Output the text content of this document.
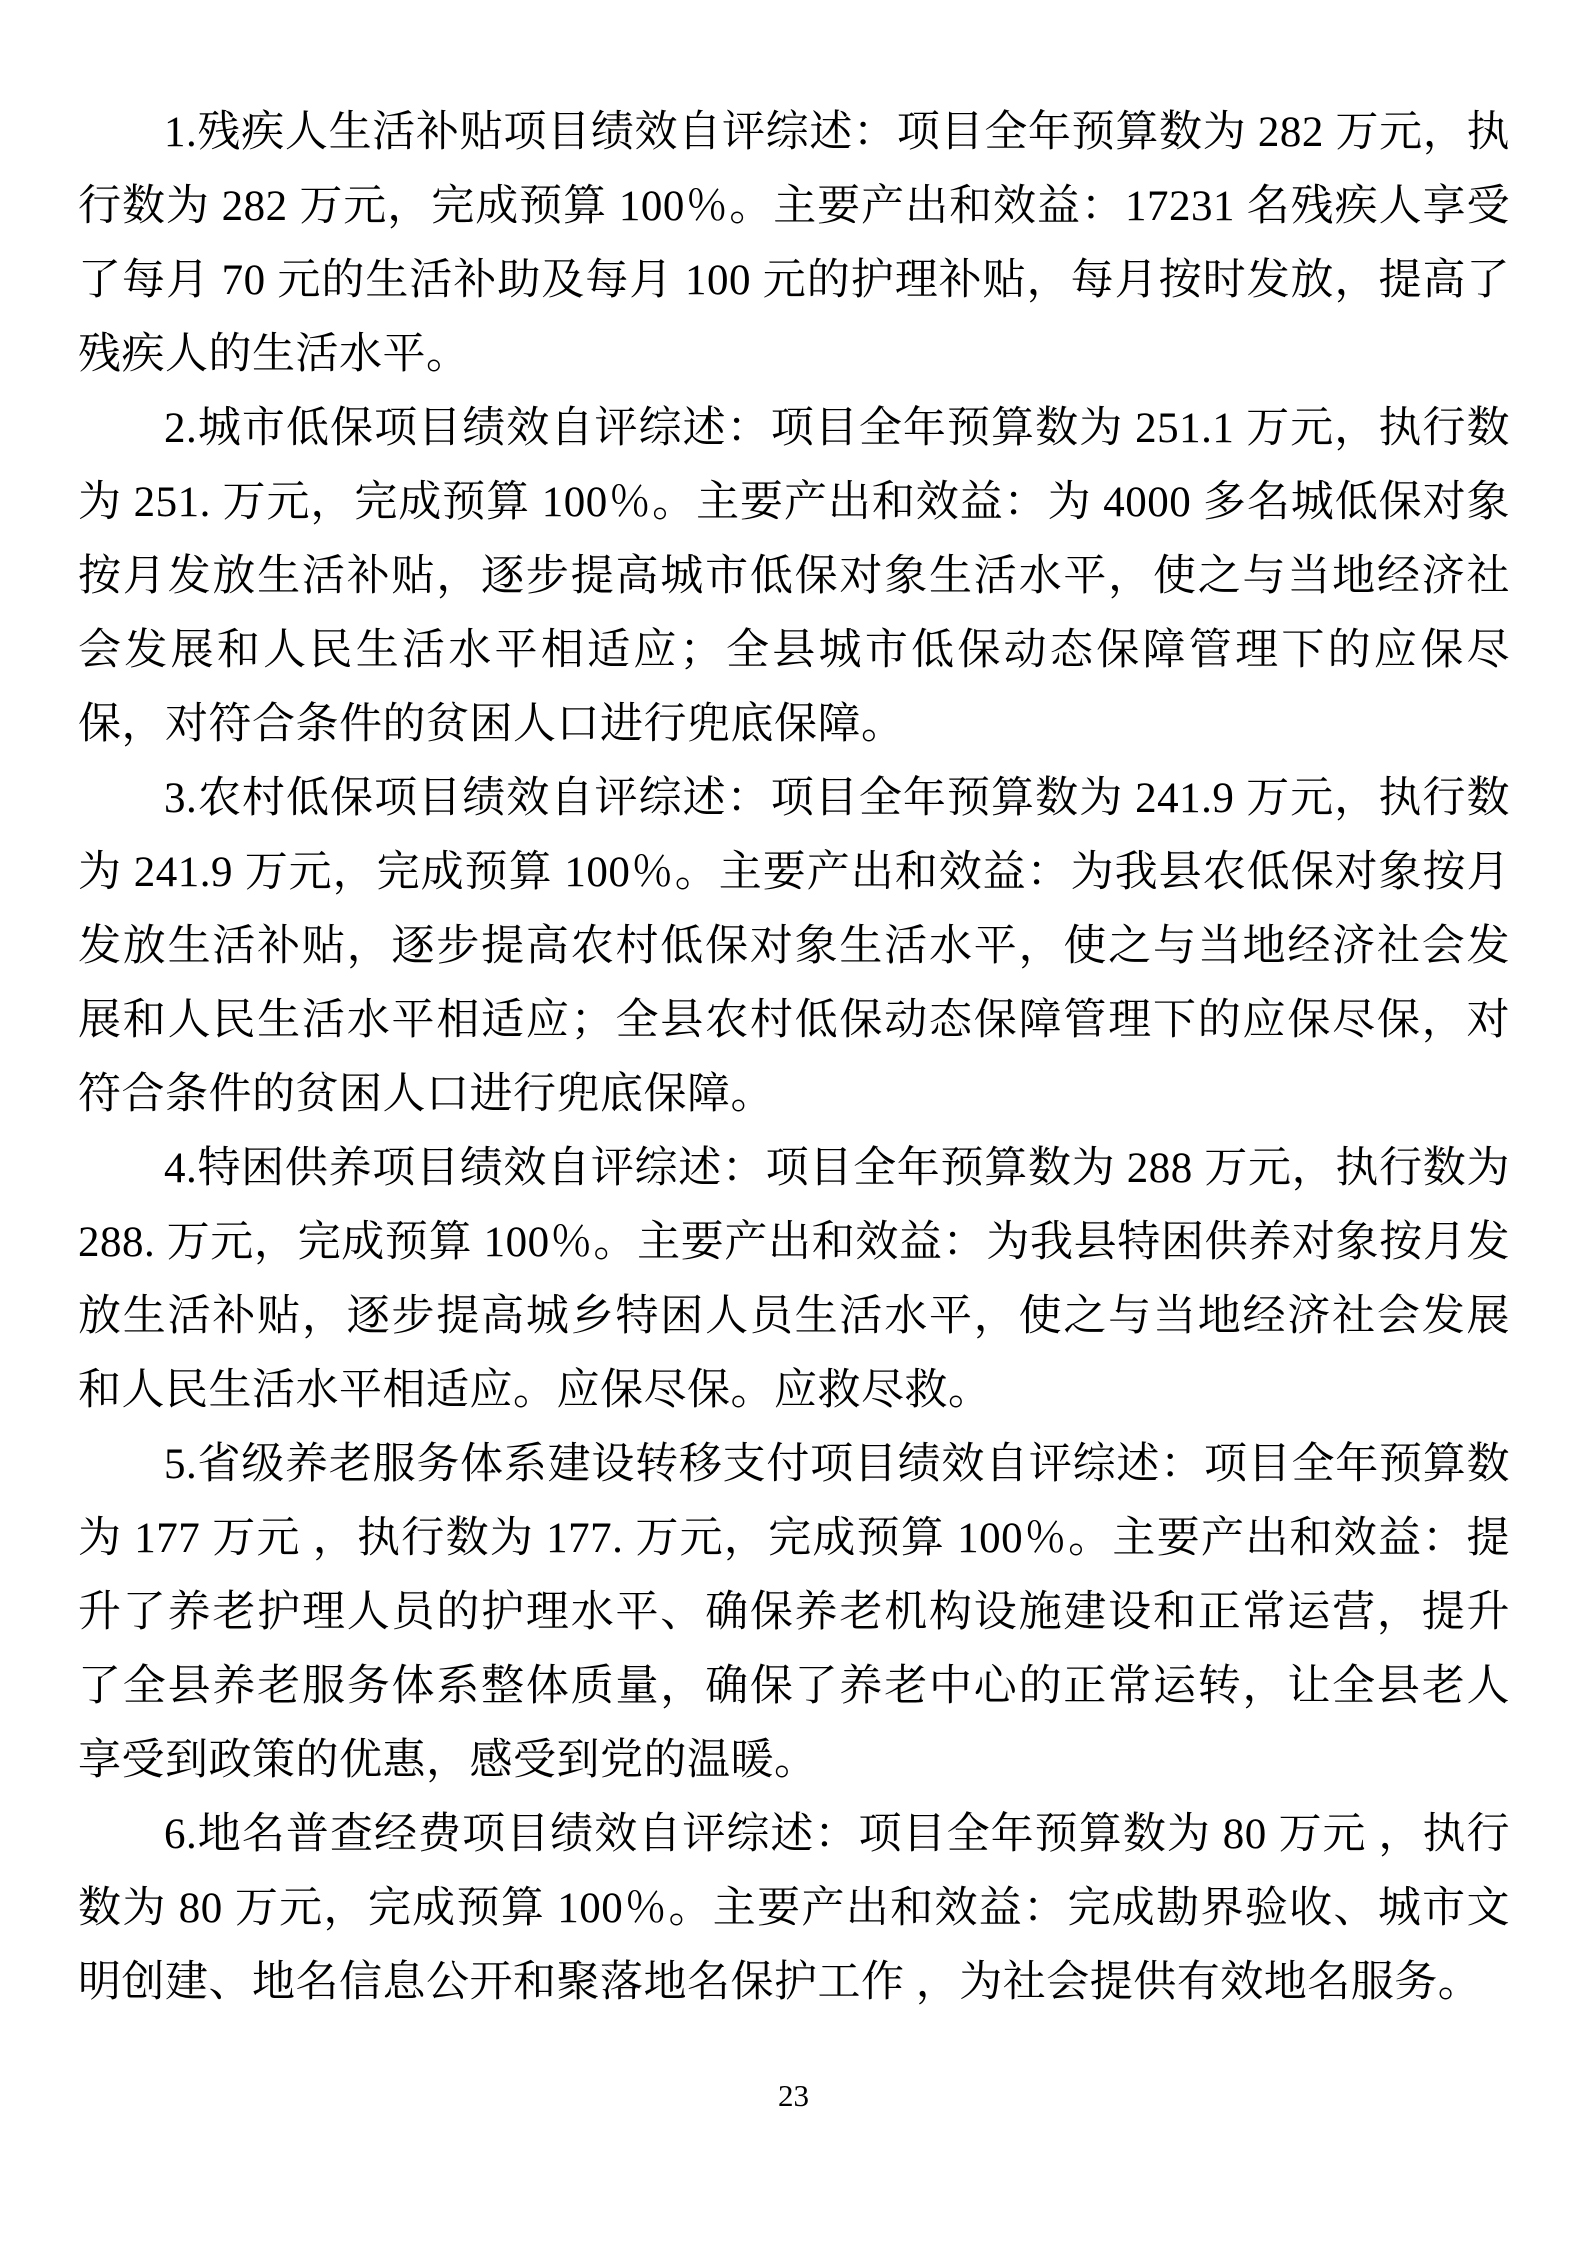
1.残疾人生活补贴项目绩效自评综述：项目全年预算数为 282 万元，执行数为 282 万元，完成预算 100％。主要产出和效益：17231 名残疾人享受了每月 70 元的生活补助及每月 100 元的护理补贴，每月按时发放，提高了残疾人的生活水平。

2.城市低保项目绩效自评综述：项目全年预算数为 251.1 万元，执行数为 251. 万元，完成预算 100％。主要产出和效益：为 4000 多名城低保对象按月发放生活补贴，逐步提高城市低保对象生活水平，使之与当地经济社会发展和人民生活水平相适应；全县城市低保动态保障管理下的应保尽保，对符合条件的贫困人口进行兜底保障。

3.农村低保项目绩效自评综述：项目全年预算数为 241.9 万元，执行数为 241.9 万元，完成预算 100％。主要产出和效益：为我县农低保对象按月发放生活补贴，逐步提高农村低保对象生活水平，使之与当地经济社会发展和人民生活水平相适应；全县农村低保动态保障管理下的应保尽保，对符合条件的贫困人口进行兜底保障。

4.特困供养项目绩效自评综述：项目全年预算数为 288 万元，执行数为 288. 万元，完成预算 100％。主要产出和效益：为我县特困供养对象按月发放生活补贴，逐步提高城乡特困人员生活水平，使之与当地经济社会发展和人民生活水平相适应。应保尽保。应救尽救。

5.省级养老服务体系建设转移支付项目绩效自评综述：项目全年预算数为 177 万元 ，执行数为 177. 万元，完成预算 100％。主要产出和效益：提升了养老护理人员的护理水平、确保养老机构设施建设和正常运营，提升了全县养老服务体系整体质量，确保了养老中心的正常运转，让全县老人享受到政策的优惠，感受到党的温暖。

6.地名普查经费项目绩效自评综述：项目全年预算数为 80 万元 ，执行数为 80 万元，完成预算 100％。主要产出和效益：完成勘界验收、城市文明创建、地名信息公开和聚落地名保护工作 ，为社会提供有效地名服务。

23
